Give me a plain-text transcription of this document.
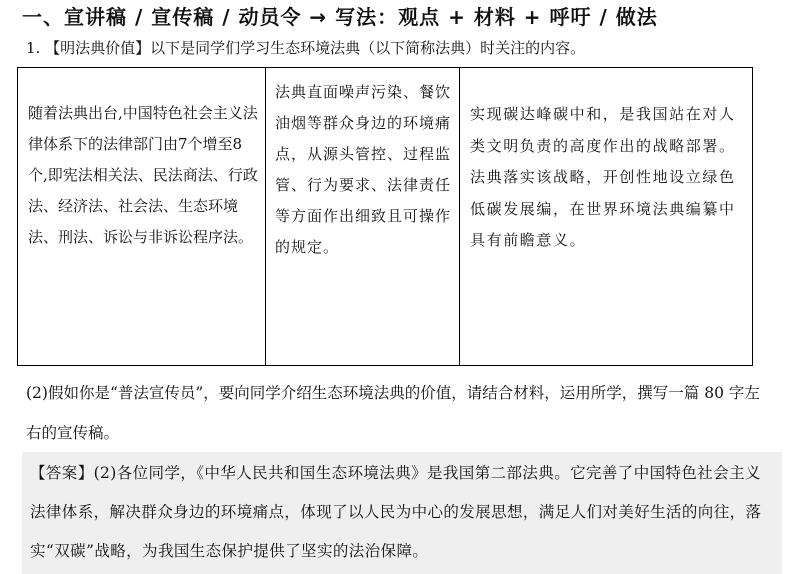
一、宣讲稿 / 宣传稿 / 动员令 → 写法：观点 + 材料 + 呼吁 / 做法
1. 【明法典价值】以下是同学们学习生态环境法典（以下简称法典）时关注的内容。
随着法典出台,中国特色社会主义法律体系下的法律部门由7个增至8个,即宪法相关法、民法商法、行政法、经济法、社会法、生态环境法、刑法、诉讼与非诉讼程序法。
法典直面噪声污染、餐饮油烟等群众身边的环境痛点，从源头管控、过程监管、行为要求、法律责任等方面作出细致且可操作的规定。
实现碳达峰碳中和，是我国站在对人类文明负责的高度作出的战略部署。法典落实该战略，开创性地设立绿色低碳发展编，在世界环境法典编纂中具有前瞻意义。
(2)假如你是“普法宣传员”，要向同学介绍生态环境法典的价值，请结合材料，运用所学，撰写一篇 80 字左右的宣传稿。
【答案】(2)各位同学，《中华人民共和国生态环境法典》是我国第二部法典。它完善了中国特色社会主义法律体系，解决群众身边的环境痛点，体现了以人民为中心的发展思想，满足人们对美好生活的向往，落实“双碳”战略，为我国生态保护提供了坚实的法治保障。
